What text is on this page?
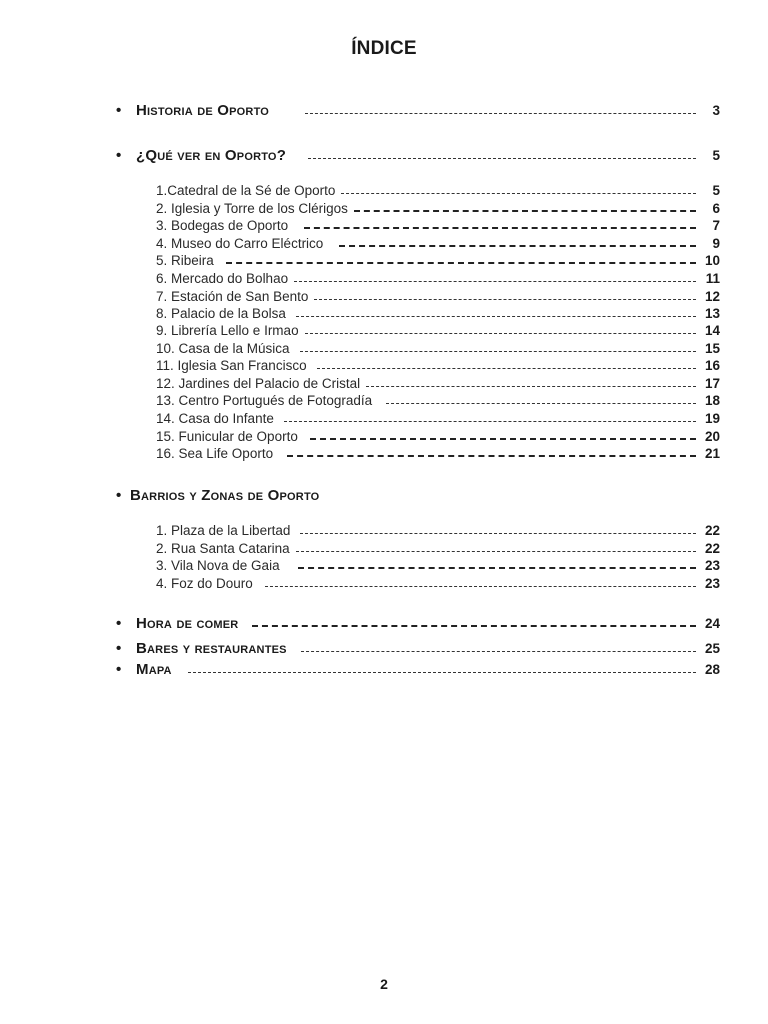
ÍNDICE
• Historia de Oporto	3
• ¿Qué ver en Oporto?	5
1.Catedral de la Sé de Oporto	5
2. Iglesia y Torre de los Clérigos	6
3. Bodegas de Oporto	7
4. Museo do Carro Eléctrico	9
5. Ribeira	10
6. Mercado do Bolhao	11
7. Estación de San Bento	12
8. Palacio de la Bolsa	13
9. Librería Lello e Irmao	14
10. Casa de la Música	15
11. Iglesia San Francisco	16
12. Jardines del Palacio de Cristal	17
13. Centro Portugués de Fotogradía	18
14. Casa do Infante	19
15. Funicular de Oporto	20
16. Sea Life Oporto	21
• Barrios y Zonas de Oporto
1. Plaza de la Libertad	22
2. Rua Santa Catarina	22
3. Vila Nova de Gaia	23
4. Foz do Douro	23
• Hora de comer	24
• Bares y restaurantes	25
• Mapa	28
2
